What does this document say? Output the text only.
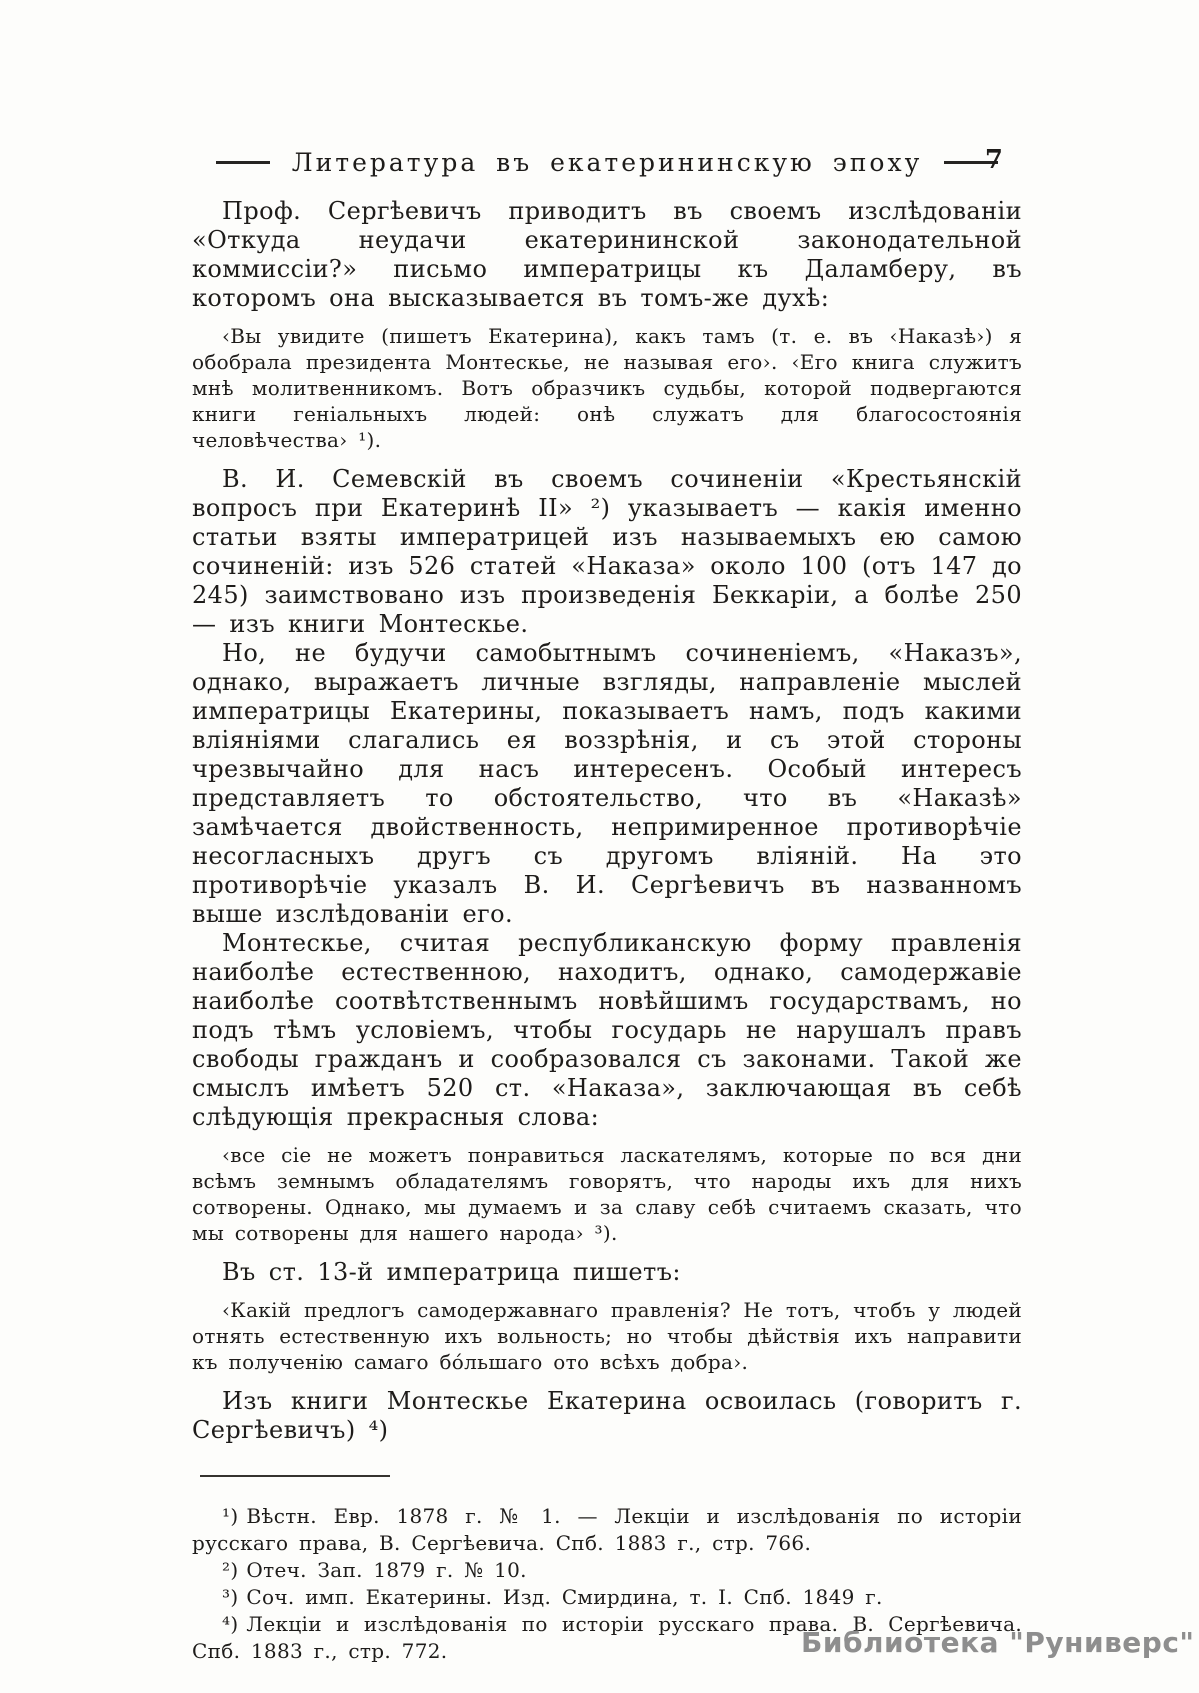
Литература въ екатерининскую эпоху 7

Проф. Сергѣевичъ приводитъ въ своемъ изслѣдованіи «Откуда неудачи екатерининской законодательной коммиссіи?» письмо императрицы къ Даламберу, въ которомъ она высказывается въ томъ-же духѣ:

‹Вы увидите (пишетъ Екатерина), какъ тамъ (т. е. въ ‹Наказѣ›) я обобрала президента Монтескье, не называя его›. ‹Его книга служитъ мнѣ молитвенникомъ. Вотъ образчикъ судьбы, которой подвергаются книги геніальныхъ людей: онѣ служатъ для благосостоянія человѣчества› ¹).

В. И. Семевскій въ своемъ сочиненіи «Крестьянскій вопросъ при Екатеринѣ II» ²) указываетъ — какія именно статьи взяты императрицей изъ называемыхъ ею самою сочиненій: изъ 526 статей «Наказа» около 100 (отъ 147 до 245) заимствовано изъ произведенія Беккаріи, а болѣе 250 — изъ книги Монтескье.

Но, не будучи самобытнымъ сочиненіемъ, «Наказъ», однако, выражаетъ личные взгляды, направленіе мыслей императрицы Екатерины, показываетъ намъ, подъ какими вліяніями слагались ея воззрѣнія, и съ этой стороны чрезвычайно для насъ интересенъ. Особый интересъ представляетъ то обстоятельство, что въ «Наказѣ» замѣчается двойственность, непримиренное противорѣчіе несогласныхъ другъ съ другомъ вліяній. На это противорѣчіе указалъ В. И. Сергѣевичъ въ названномъ выше изслѣдованіи его.

Монтескье, считая республиканскую форму правленія наиболѣе естественною, находитъ, однако, самодержавіе наиболѣе соотвѣтственнымъ новѣйшимъ государствамъ, но подъ тѣмъ условіемъ, чтобы государь не нарушалъ правъ свободы гражданъ и сообразовался съ законами. Такой же смыслъ имѣетъ 520 ст. «Наказа», заключающая въ себѣ слѣдующія прекрасныя слова:

‹все сіе не можетъ понравиться ласкателямъ, которые по вся дни всѣмъ земнымъ обладателямъ говорятъ, что народы ихъ для нихъ сотворены. Однако, мы думаемъ и за славу себѣ считаемъ сказать, что мы сотворены для нашего народа› ³).

Въ ст. 13-й императрица пишетъ:

‹Какій предлогъ самодержавнаго правленія? Не тотъ, чтобъ у людей отнять естественную ихъ вольность; но чтобы дѣйствія ихъ направити къ полученію самаго бо́льшаго ото всѣхъ добра›.

Изъ книги Монтескье Екатерина освоилась (говоритъ г. Сергѣевичъ) ⁴)

¹) Вѣстн. Евр. 1878 г. № 1. — Лекціи и изслѣдованія по исторіи русскаго права, В. Сергѣевича. Спб. 1883 г., стр. 766.

²) Отеч. Зап. 1879 г. № 10.

³) Соч. имп. Екатерины. Изд. Смирдина, т. I. Спб. 1849 г.

⁴) Лекціи и изслѣдованія по исторіи русскаго права. В. Сергѣевича. Спб. 1883 г., стр. 772.	Библиотека "Руниверс"
